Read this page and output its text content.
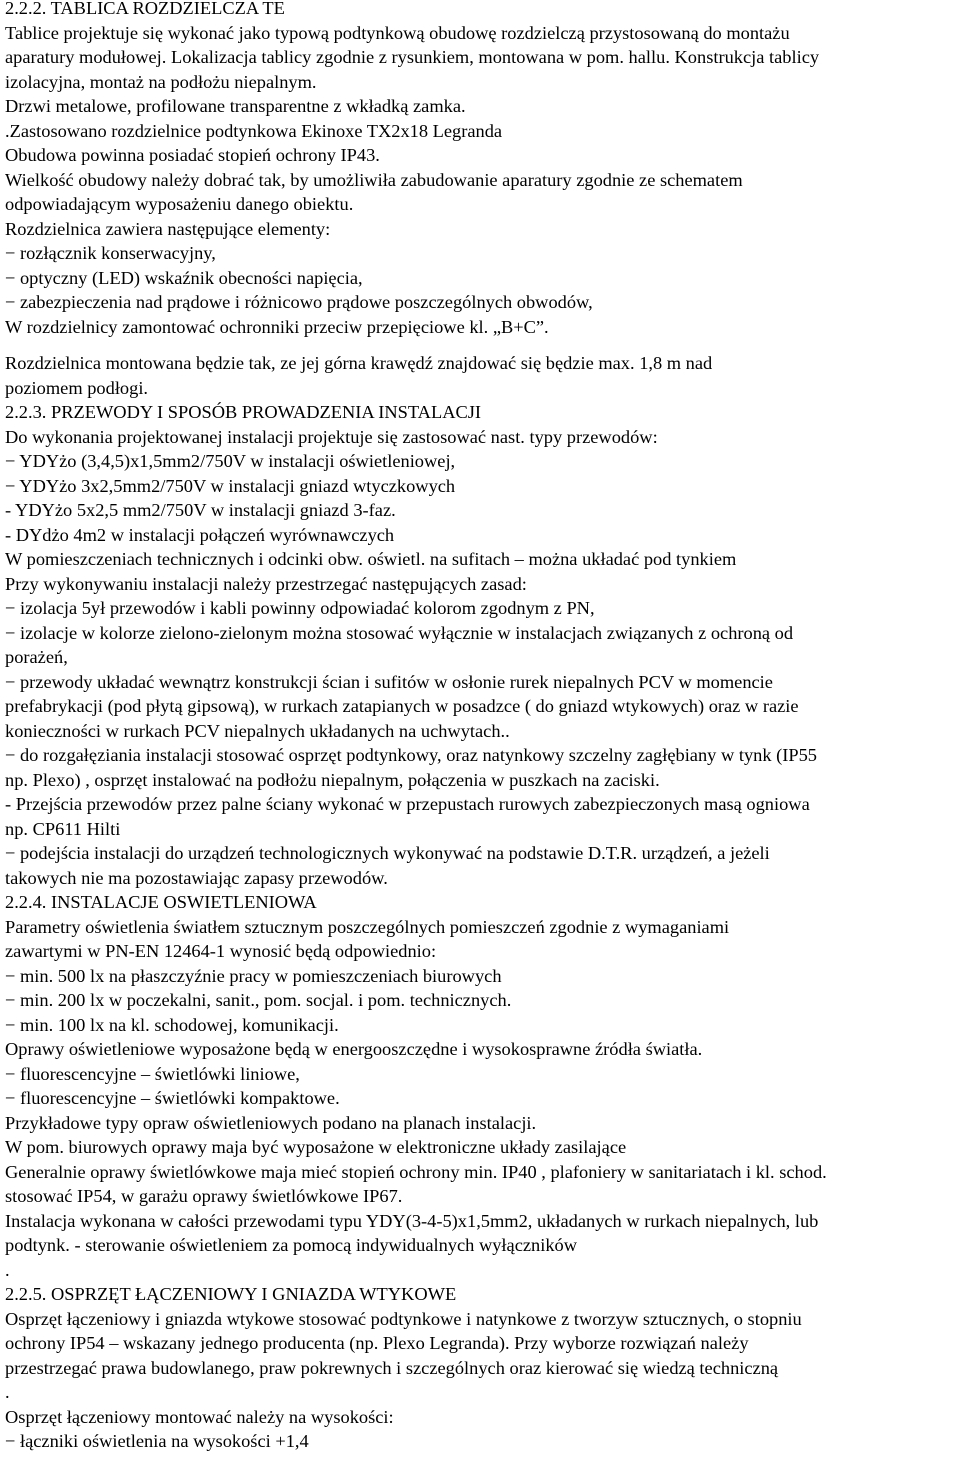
2.2.2. TABLICA ROZDZIELCZA TE
Tablice projektuje się wykonać jako typową podtynkową obudowę rozdzielczą przystosowaną do montażu
aparatury modułowej. Lokalizacja tablicy zgodnie z rysunkiem, montowana w pom. hallu. Konstrukcja tablicy
izolacyjna, montaż na podłożu niepalnym.
Drzwi metalowe, profilowane transparentne z wkładką zamka.
.Zastosowano rozdzielnice podtynkowa Ekinoxe TX2x18 Legranda
Obudowa powinna posiadać stopień ochrony IP43.
Wielkość obudowy należy dobrać tak, by umożliwiła zabudowanie aparatury zgodnie ze schematem
odpowiadającym wyposażeniu danego obiektu.
Rozdzielnica zawiera następujące elementy:
− rozłącznik konserwacyjny,
− optyczny (LED) wskaźnik obecności napięcia,
− zabezpieczenia nad prądowe i różnicowo prądowe poszczególnych obwodów,
W rozdzielnicy zamontować ochronniki przeciw przepięciowe kl. „B+C”.
Rozdzielnica montowana będzie tak, ze jej górna krawędź znajdować się będzie max. 1,8 m nad
poziomem podłogi.
2.2.3. PRZEWODY I SPOSÓB PROWADZENIA INSTALACJI
Do wykonania projektowanej instalacji projektuje się zastosować nast. typy przewodów:
− YDYżo (3,4,5)x1,5mm2/750V w instalacji oświetleniowej,
− YDYżo 3x2,5mm2/750V w instalacji gniazd wtyczkowych
- YDYżo 5x2,5 mm2/750V w instalacji gniazd 3-faz.
- DYdżo 4m2 w instalacji połączeń wyrównawczych
W pomieszczeniach technicznych i odcinki obw. oświetl. na sufitach – można układać pod tynkiem
Przy wykonywaniu instalacji należy przestrzegać następujących zasad:
− izolacja 5ył przewodów i kabli powinny odpowiadać kolorom zgodnym z PN,
− izolacje w kolorze zielono-zielonym można stosować wyłącznie w instalacjach związanych z ochroną od
porażeń,
− przewody układać wewnątrz konstrukcji ścian i sufitów w osłonie rurek niepalnych PCV w momencie
prefabrykacji (pod płytą gipsową), w rurkach zatapianych w posadzce ( do gniazd wtykowych) oraz w razie
konieczności w rurkach PCV niepalnych układanych na uchwytach..
− do rozgałęziania instalacji stosować osprzęt podtynkowy, oraz natynkowy szczelny zagłębiany w tynk (IP55
np. Plexo) , osprzęt instalować na podłożu niepalnym, połączenia w puszkach na zaciski.
- Przejścia przewodów przez palne ściany wykonać w przepustach rurowych zabezpieczonych masą ogniowa
np. CP611 Hilti
− podejścia instalacji do urządzeń technologicznych wykonywać na podstawie D.T.R. urządzeń, a jeżeli
takowych nie ma pozostawiając zapasy przewodów.
2.2.4. INSTALACJE OSWIETLENIOWA
Parametry oświetlenia światłem sztucznym poszczególnych pomieszczeń zgodnie z wymaganiami
zawartymi w PN-EN 12464-1 wynosić będą odpowiednio:
− min. 500 lx na płaszczyźnie pracy w pomieszczeniach biurowych
− min. 200 lx w poczekalni, sanit., pom. socjal. i pom. technicznych.
− min. 100 lx na kl. schodowej, komunikacji.
Oprawy oświetleniowe wyposażone będą w energooszczędne i wysokosprawne źródła światła.
− fluorescencyjne – świetlówki liniowe,
− fluorescencyjne – świetlówki kompaktowe.
Przykładowe typy opraw oświetleniowych podano na planach instalacji.
W pom. biurowych oprawy maja być wyposażone w elektroniczne układy zasilające
Generalnie oprawy świetlówkowe maja mieć stopień ochrony min. IP40 , plafoniery w sanitariatach i kl. schod.
stosować IP54, w garażu oprawy świetlówkowe IP67.
Instalacja wykonana w całości przewodami typu YDY(3-4-5)x1,5mm2, układanych w rurkach niepalnych, lub
podtynk. - sterowanie oświetleniem za pomocą indywidualnych wyłączników
.
2.2.5. OSPRZĘT ŁĄCZENIOWY I GNIAZDA WTYKOWE
Osprzęt łączeniowy i gniazda wtykowe stosować podtynkowe i natynkowe z tworzyw sztucznych, o stopniu
ochrony IP54 – wskazany jednego producenta (np. Plexo Legranda). Przy wyborze rozwiązań należy
przestrzegać prawa budowlanego, praw pokrewnych i szczególnych oraz kierować się wiedzą techniczną
.
Osprzęt łączeniowy montować należy na wysokości:
− łączniki oświetlenia na wysokości +1,4
